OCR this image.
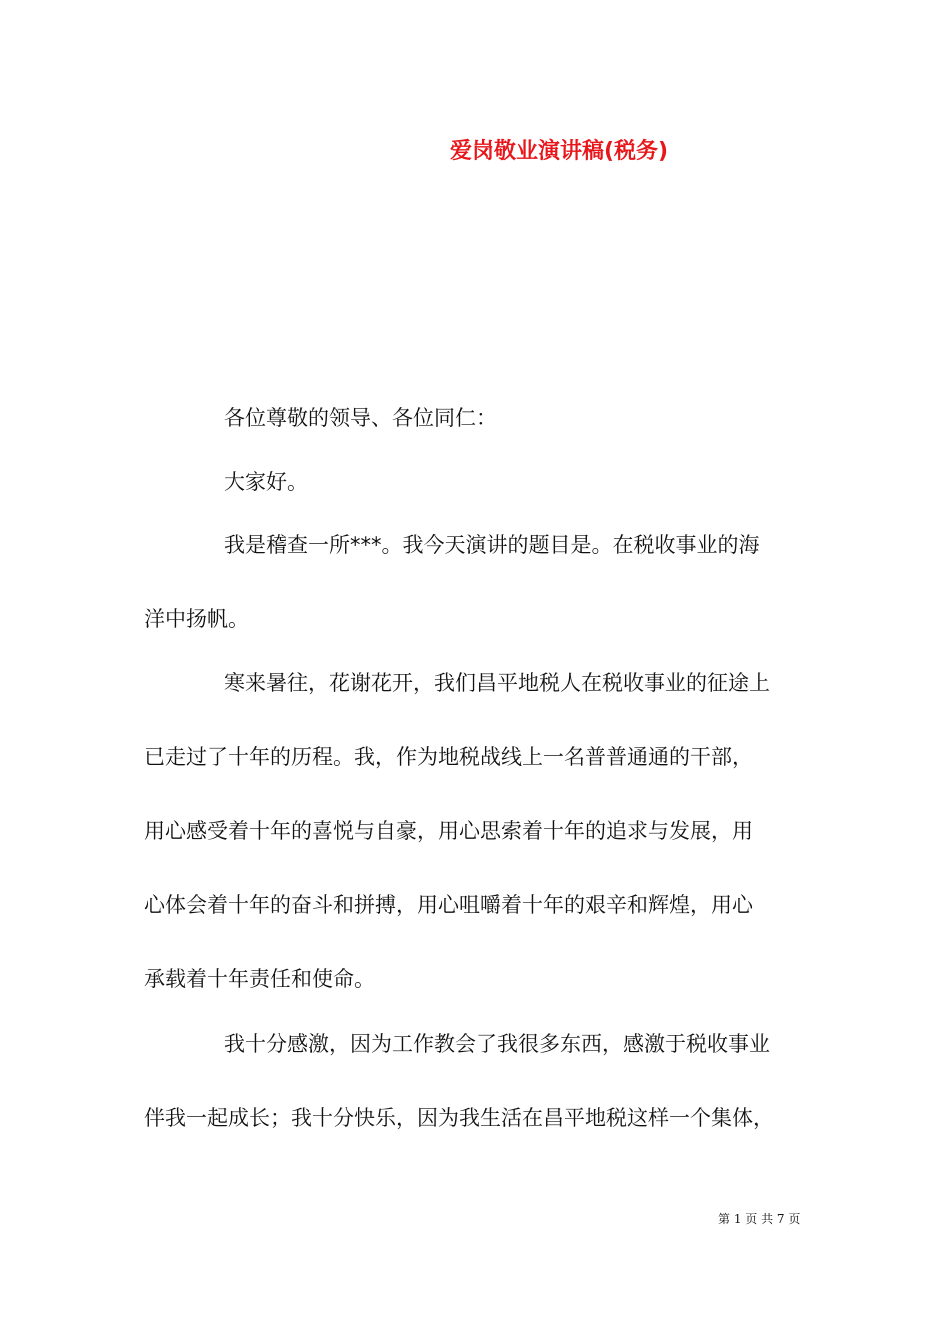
爱岗敬业演讲稿(税务)
各位尊敬的领导、各位同仁：
大家好。
我是稽查一所***。我今天演讲的题目是。在税收事业的海
洋中扬帆。
寒来暑往，花谢花开，我们昌平地税人在税收事业的征途上
已走过了十年的历程。我，作为地税战线上一名普普通通的干部，
用心感受着十年的喜悦与自豪，用心思索着十年的追求与发展，用
心体会着十年的奋斗和拼搏，用心咀嚼着十年的艰辛和辉煌，用心
承载着十年责任和使命。
我十分感激，因为工作教会了我很多东西，感激于税收事业
伴我一起成长；我十分快乐，因为我生活在昌平地税这样一个集体，
第 1 页 共 7 页
